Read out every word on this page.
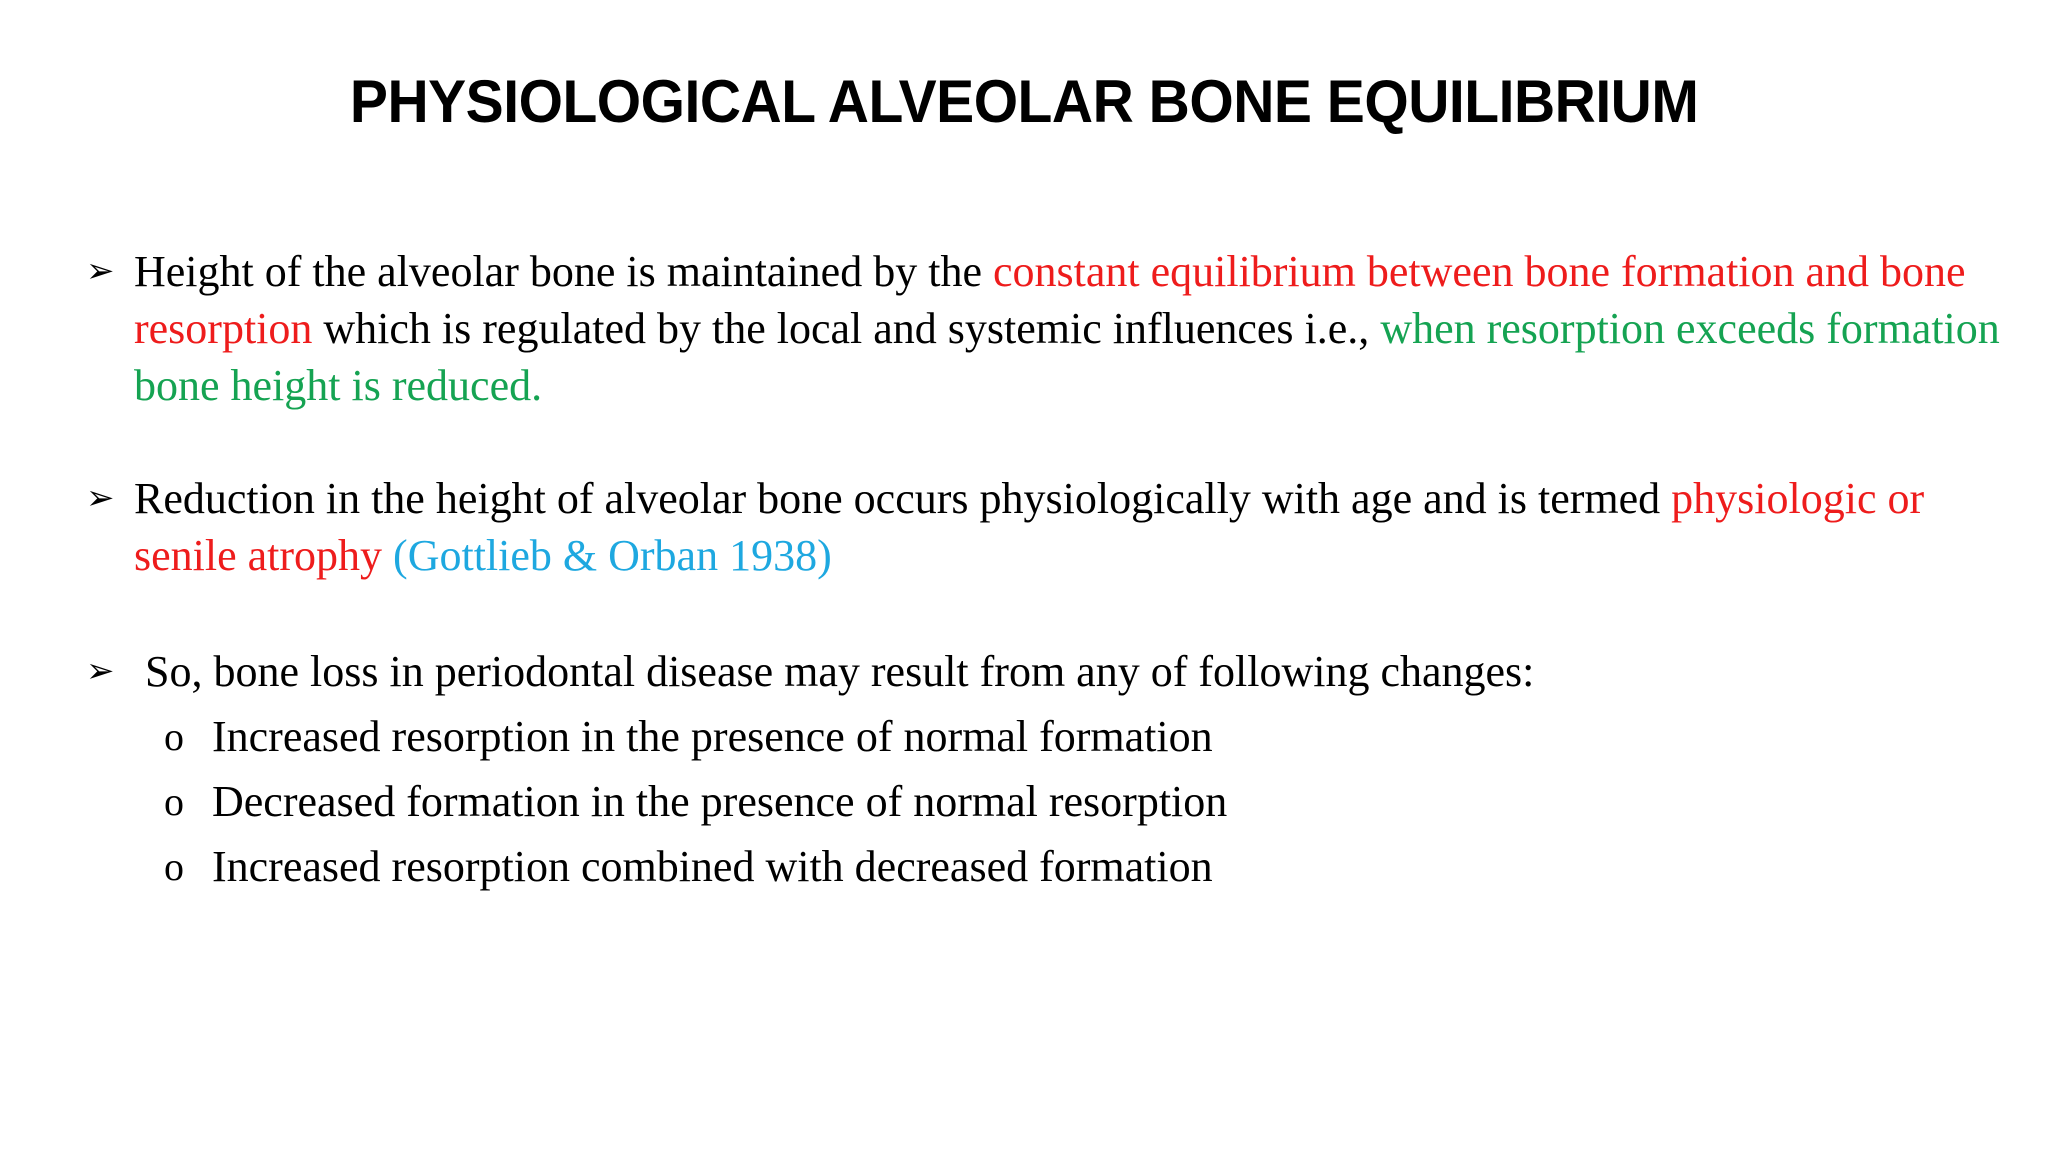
PHYSIOLOGICAL ALVEOLAR BONE EQUILIBRIUM
➢ Height of the alveolar bone is maintained by the constant equilibrium between bone formation and bone resorption which is regulated by the local and systemic influences i.e., when resorption exceeds formation bone height is reduced.
➢ Reduction in the height of alveolar bone occurs physiologically with age and is termed physiologic or senile atrophy (Gottlieb & Orban 1938)
➢ So, bone loss in periodontal disease may result from any of following changes:
o Increased resorption in the presence of normal formation
o Decreased formation in the presence of normal resorption
o Increased resorption combined with decreased formation
